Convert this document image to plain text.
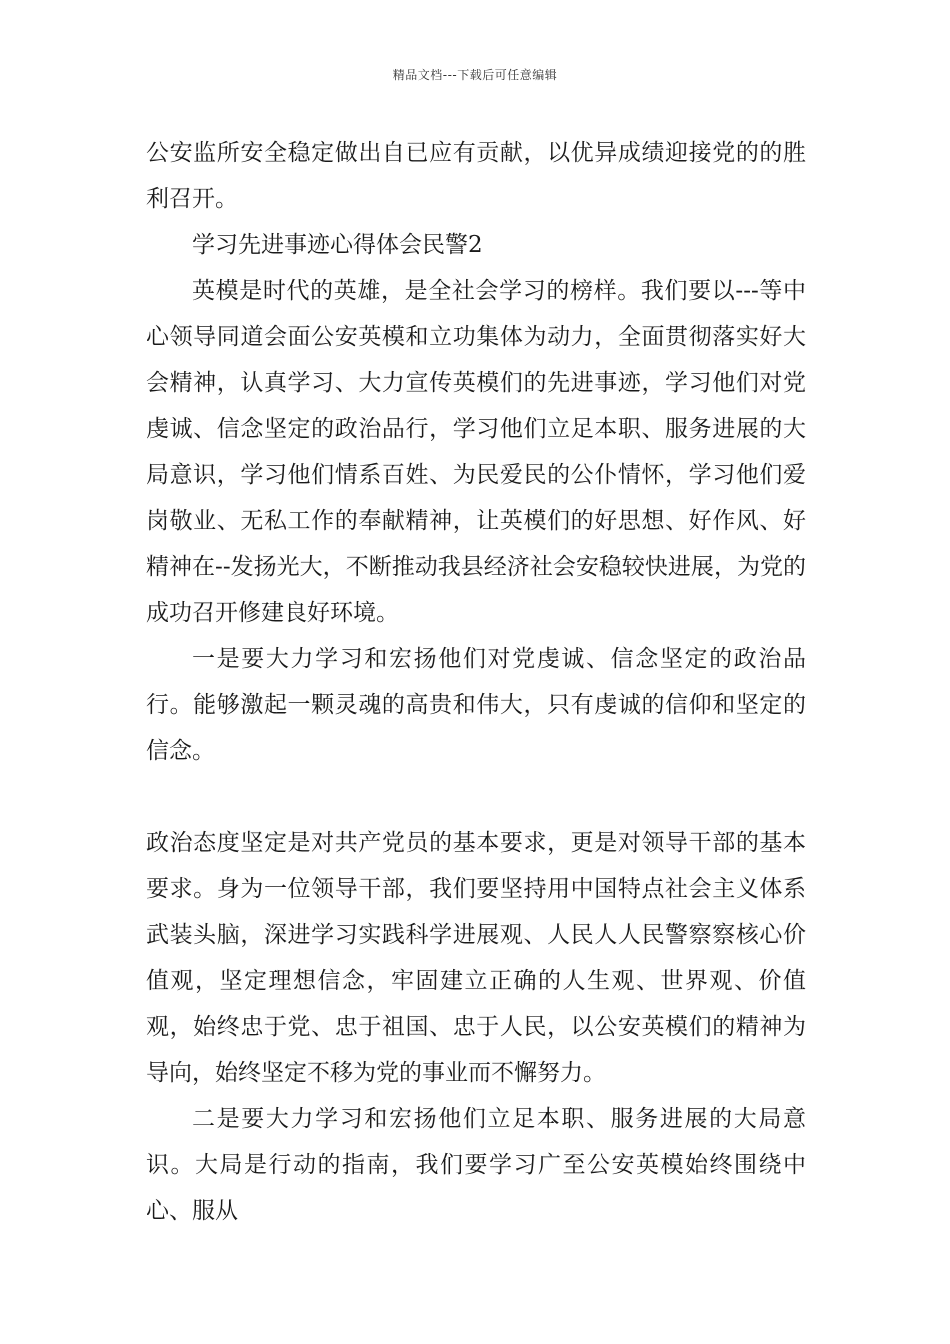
精品文档---下载后可任意编辑

公安监所安全稳定做出自已应有贡献，以优异成绩迎接党的的胜利召开。

学习先进事迹心得体会民警2

英模是时代的英雄，是全社会学习的榜样。我们要以---等中心领导同道会面公安英模和立功集体为动力，全面贯彻落实好大会精神，认真学习、大力宣传英模们的先进事迹，学习他们对党虔诚、信念坚定的政治品行，学习他们立足本职、服务进展的大局意识，学习他们情系百姓、为民爱民的公仆情怀，学习他们爱岗敬业、无私工作的奉献精神，让英模们的好思想、好作风、好精神在--发扬光大，不断推动我县经济社会安稳较快进展，为党的成功召开修建良好环境。

一是要大力学习和宏扬他们对党虔诚、信念坚定的政治品行。能够激起一颗灵魂的高贵和伟大，只有虔诚的信仰和坚定的信念。

政治态度坚定是对共产党员的基本要求，更是对领导干部的基本要求。身为一位领导干部，我们要坚持用中国特点社会主义体系武装头脑，深进学习实践科学进展观、人民人人民警察察核心价值观，坚定理想信念，牢固建立正确的人生观、世界观、价值观，始终忠于党、忠于祖国、忠于人民，以公安英模们的精神为导向，始终坚定不移为党的事业而不懈努力。

二是要大力学习和宏扬他们立足本职、服务进展的大局意识。大局是行动的指南，我们要学习广至公安英模始终围绕中心、服从
